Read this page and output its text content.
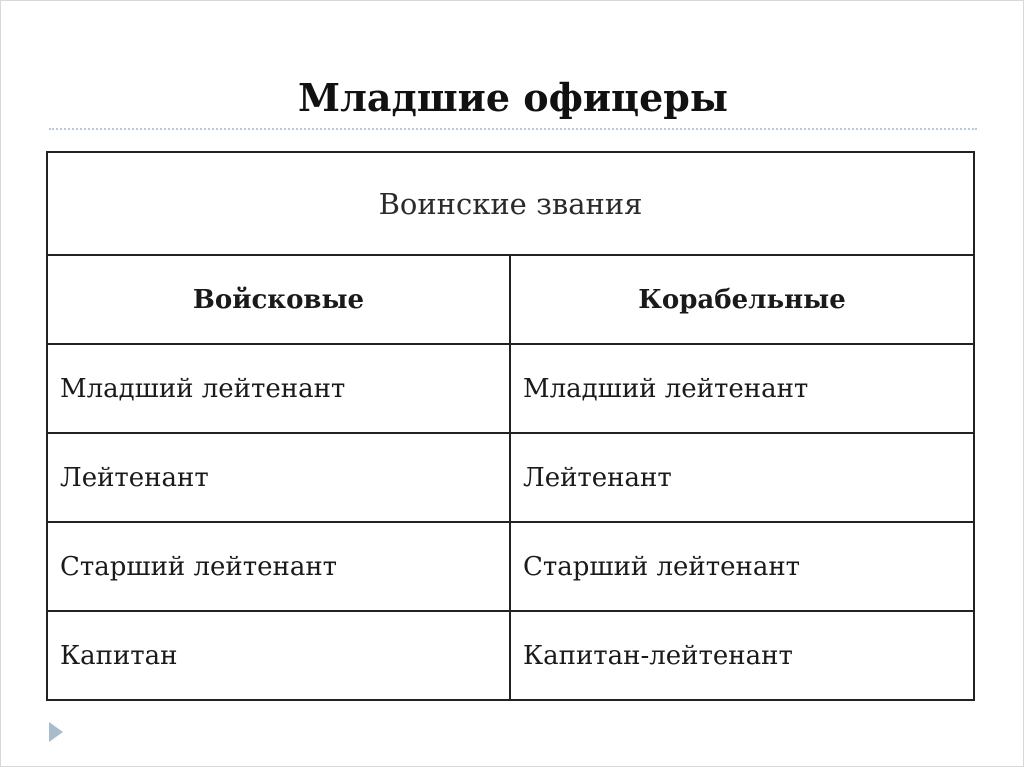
Младшие офицеры
Воинские звания	
Войсковые	Корабельные
Младший лейтенант	Младший лейтенант
Лейтенант	Лейтенант
Старший лейтенант	Старший лейтенант
Капитан	Капитан-лейтенант
